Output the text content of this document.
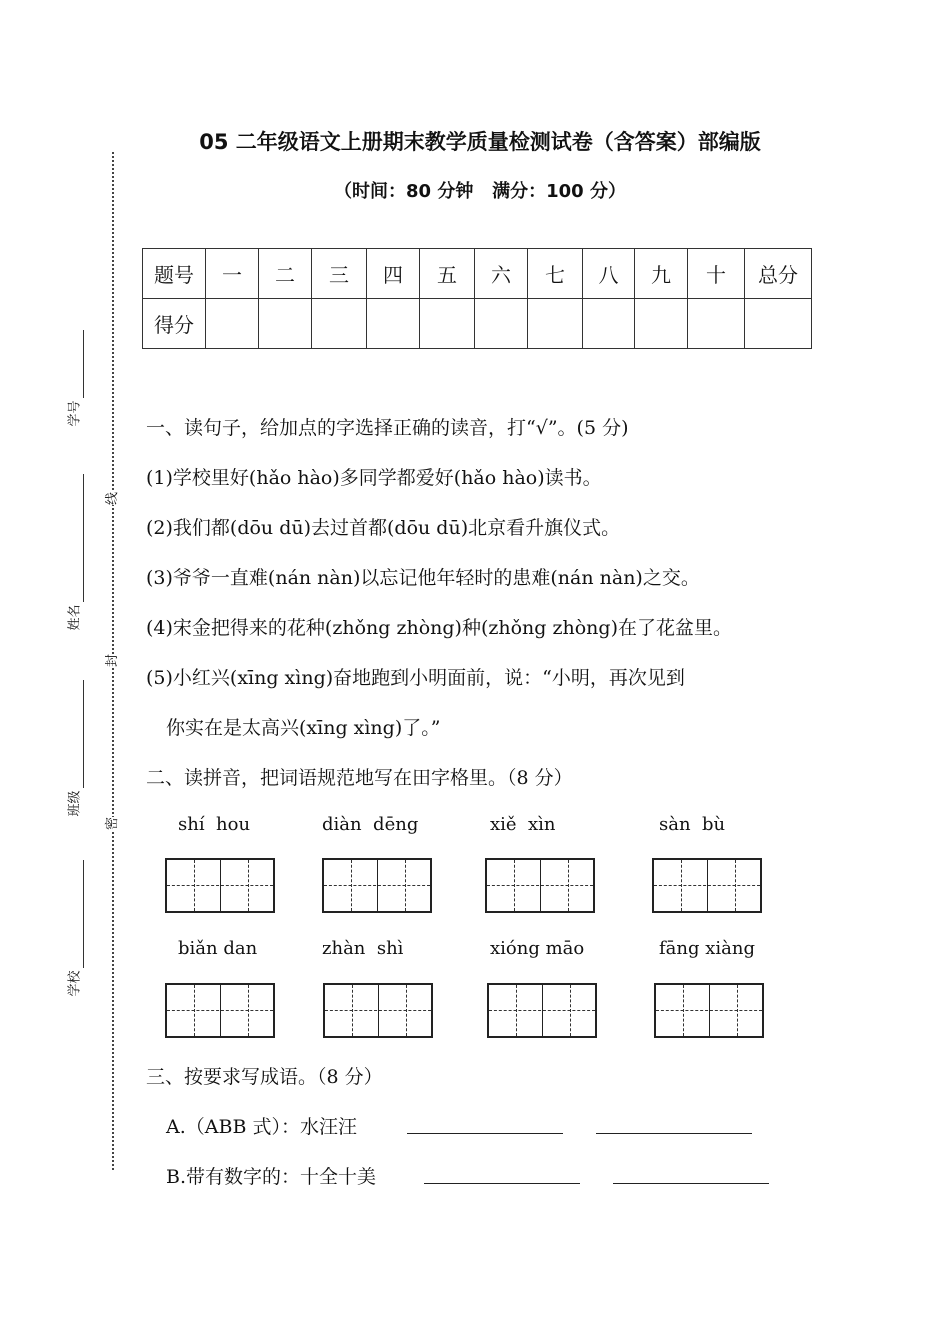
05 二年级语文上册期末教学质量检测试卷（含答案）部编版
（时间：80 分钟   满分：100 分）
题号	一	二	三	四	五	六	七	八	九	十	总分
得分											
线
封
密
学号
姓名
班级
学校
一、读句子，给加点的字选择正确的读音，打“√”。(5 分)
(1)学校里好(hǎo hào)多同学都爱好(hǎo hào)读书。
(2)我们都(dōu dū)去过首都(dōu dū)北京看升旗仪式。
(3)爷爷一直难(nán nàn)以忘记他年轻时的患难(nán nàn)之交。
(4)宋金把得来的花种(zhǒng zhòng)种(zhǒng zhòng)在了花盆里。
(5)小红兴(xīng xìng)奋地跑到小明面前，说：“小明，再次见到
你实在是太高兴(xīng xìng)了。”
二、读拼音，把词语规范地写在田字格里。（8 分）
shí  hou	diàn  dēng	xiě  xìn	sàn  bù
biǎn dan	zhàn  shì	xióng māo	fāng xiàng
三、按要求写成语。（8 分）
A.（ABB 式）：水汪汪
B.带有数字的：十全十美
